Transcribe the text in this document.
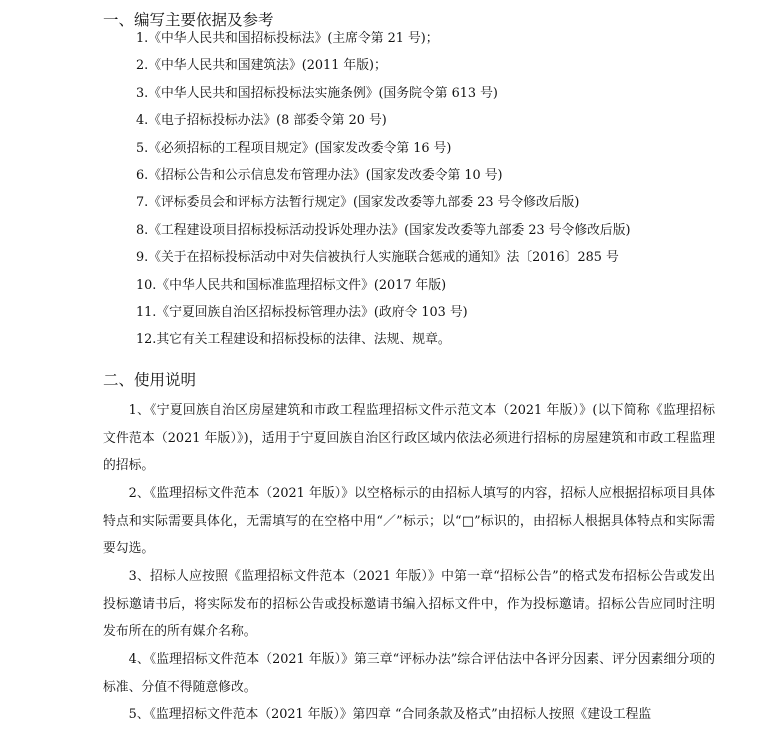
一、编写主要依据及参考
1.《中华人民共和国招标投标法》(主席令第 21 号)；
2.《中华人民共和国建筑法》(2011 年版)；
3.《中华人民共和国招标投标法实施条例》(国务院令第 613 号)
4.《电子招标投标办法》(8 部委令第 20 号)
5.《必须招标的工程项目规定》(国家发改委令第 16 号)
6.《招标公告和公示信息发布管理办法》(国家发改委令第 10 号)
7.《评标委员会和评标方法暂行规定》(国家发改委等九部委 23 号令修改后版)
8.《工程建设项目招标投标活动投诉处理办法》(国家发改委等九部委 23 号令修改后版)
9.《关于在招标投标活动中对失信被执行人实施联合惩戒的通知》法〔2016〕285 号
10.《中华人民共和国标准监理招标文件》(2017 年版)
11.《宁夏回族自治区招标投标管理办法》(政府令 103 号)
12.其它有关工程建设和招标投标的法律、法规、规章。
二、使用说明

1、《宁夏回族自治区房屋建筑和市政工程监理招标文件示范文本（2021 年版）》(以下简称《监理招标文件范本（2021 年版）》)，适用于宁夏回族自治区行政区域内依法必须进行招标的房屋建筑和市政工程监理的招标。

2、《监理招标文件范本（2021 年版）》以空格标示的由招标人填写的内容，招标人应根据招标项目具体特点和实际需要具体化，无需填写的在空格中用“／”标示；以“□”标识的，由招标人根据具体特点和实际需要勾选。

3、招标人应按照《监理招标文件范本（2021 年版）》中第一章“招标公告”的格式发布招标公告或发出投标邀请书后，将实际发布的招标公告或投标邀请书编入招标文件中，作为投标邀请。招标公告应同时注明发布所在的所有媒介名称。

4、《监理招标文件范本（2021 年版）》第三章“评标办法”综合评估法中各评分因素、评分因素细分项的标准、分值不得随意修改。

5、《监理招标文件范本（2021 年版）》第四章 “合同条款及格式”由招标人按照《建设工程监
